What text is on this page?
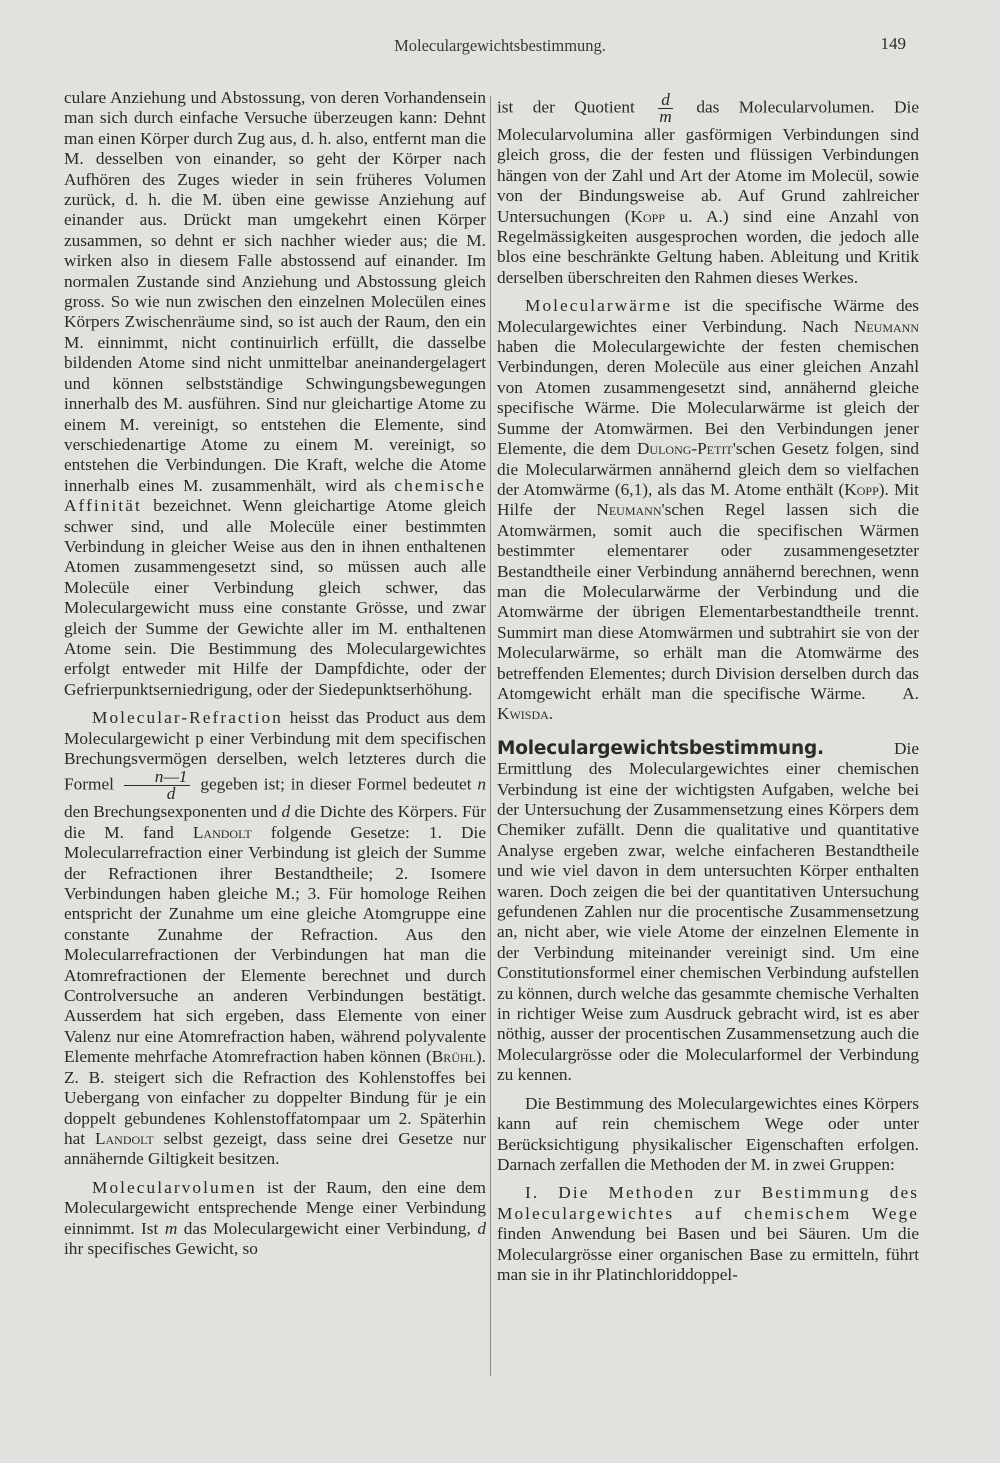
Moleculargewichtsbestimmung.	149

culare Anziehung und Abstossung, von deren Vorhandensein man sich durch einfache Versuche überzeugen kann: Dehnt man einen Körper durch Zug aus, d. h. also, entfernt man die M. desselben von einander, so geht der Körper nach Aufhören des Zuges wieder in sein früheres Volumen zurück, d. h. die M. üben eine gewisse Anziehung auf einander aus. Drückt man umgekehrt einen Körper zusammen, so dehnt er sich nachher wieder aus; die M. wirken also in diesem Falle abstossend auf einander. Im normalen Zustande sind Anziehung und Abstossung gleich gross. So wie nun zwischen den einzelnen Molecülen eines Körpers Zwischenräume sind, so ist auch der Raum, den ein M. einnimmt, nicht continuirlich erfüllt, die dasselbe bildenden Atome sind nicht unmittelbar aneinandergelagert und können selbstständige Schwingungsbewegungen innerhalb des M. ausführen. Sind nur gleichartige Atome zu einem M. vereinigt, so entstehen die Elemente, sind verschiedenartige Atome zu einem M. vereinigt, so entstehen die Verbindungen. Die Kraft, welche die Atome innerhalb eines M. zusammenhält, wird als chemische Affinität bezeichnet. Wenn gleichartige Atome gleich schwer sind, und alle Molecüle einer bestimmten Verbindung in gleicher Weise aus den in ihnen enthaltenen Atomen zusammengesetzt sind, so müssen auch alle Molecüle einer Verbindung gleich schwer, das Moleculargewicht muss eine constante Grösse, und zwar gleich der Summe der Gewichte aller im M. enthaltenen Atome sein. Die Bestimmung des Moleculargewichtes erfolgt entweder mit Hilfe der Dampfdichte, oder der Gefrierpunktserniedrigung, oder der Siedepunktserhöhung.

Molecular-Refraction heisst das Product aus dem Moleculargewicht p einer Verbindung mit dem specifischen Brechungsvermögen derselben, welch letzteres durch die Formel $\frac{n—1}{d}$ gegeben ist; in dieser Formel bedeutet n den Brechungsexponenten und d die Dichte des Körpers. Für die M. fand Landolt folgende Gesetze: 1. Die Molecularrefraction einer Verbindung ist gleich der Summe der Refractionen ihrer Bestandtheile; 2. Isomere Verbindungen haben gleiche M.; 3. Für homologe Reihen entspricht der Zunahme um eine gleiche Atomgruppe eine constante Zunahme der Refraction. Aus den Molecularrefractionen der Verbindungen hat man die Atomrefractionen der Elemente berechnet und durch Controlversuche an anderen Verbindungen bestätigt. Ausserdem hat sich ergeben, dass Elemente von einer Valenz nur eine Atomrefraction haben, während polyvalente Elemente mehrfache Atomrefraction haben können (Brühl). Z. B. steigert sich die Refraction des Kohlenstoffes bei Uebergang von einfacher zu doppelter Bindung für je ein doppelt gebundenes Kohlenstoffatompaar um 2. Späterhin hat Landolt selbst gezeigt, dass seine drei Gesetze nur annähernde Giltigkeit besitzen.

Molecularvolumen ist der Raum, den eine dem Moleculargewicht entsprechende Menge einer Verbindung einnimmt. Ist m das Moleculargewicht einer Verbindung, d ihr specifisches Gewicht, so

ist der Quotient $\frac{d}{m}$ das Molecularvolumen. Die Molecularvolumina aller gasförmigen Verbindungen sind gleich gross, die der festen und flüssigen Verbindungen hängen von der Zahl und Art der Atome im Molecül, sowie von der Bindungsweise ab. Auf Grund zahlreicher Untersuchungen (Kopp u. A.) sind eine Anzahl von Regelmässigkeiten ausgesprochen worden, die jedoch alle blos eine beschränkte Geltung haben. Ableitung und Kritik derselben überschreiten den Rahmen dieses Werkes.

Molecularwärme ist die specifische Wärme des Moleculargewichtes einer Verbindung. Nach Neumann haben die Moleculargewichte der festen chemischen Verbindungen, deren Molecüle aus einer gleichen Anzahl von Atomen zusammengesetzt sind, annähernd gleiche specifische Wärme. Die Molecularwärme ist gleich der Summe der Atomwärmen. Bei den Verbindungen jener Elemente, die dem Dulong-Petit'schen Gesetz folgen, sind die Molecularwärmen annähernd gleich dem so vielfachen der Atomwärme (6,1), als das M. Atome enthält (Kopp). Mit Hilfe der Neumann'schen Regel lassen sich die Atomwärmen, somit auch die specifischen Wärmen bestimmter elementarer oder zusammengesetzter Bestandtheile einer Verbindung annähernd berechnen, wenn man die Molecularwärme der Verbindung und die Atomwärme der übrigen Elementarbestandtheile trennt. Summirt man diese Atomwärmen und subtrahirt sie von der Molecularwärme, so erhält man die Atomwärme des betreffenden Elementes; durch Division derselben durch das Atomgewicht erhält man die specifische Wärme. A. Kwisda.

Moleculargewichtsbestimmung.	Die Ermittlung des Moleculargewichtes einer chemischen Verbindung ist eine der wichtigsten Aufgaben, welche bei der Untersuchung der Zusammensetzung eines Körpers dem Chemiker zufällt. Denn die qualitative und quantitative Analyse ergeben zwar, welche einfacheren Bestandtheile und wie viel davon in dem untersuchten Körper enthalten waren. Doch zeigen die bei der quantitativen Untersuchung gefundenen Zahlen nur die procentische Zusammensetzung an, nicht aber, wie viele Atome der einzelnen Elemente in der Verbindung miteinander vereinigt sind. Um eine Constitutionsformel einer chemischen Verbindung aufstellen zu können, durch welche das gesammte chemische Verhalten in richtiger Weise zum Ausdruck gebracht wird, ist es aber nöthig, ausser der procentischen Zusammensetzung auch die Moleculargrösse oder die Molecularformel der Verbindung zu kennen.

Die Bestimmung des Moleculargewichtes eines Körpers kann auf rein chemischem Wege oder unter Berücksichtigung physikalischer Eigenschaften erfolgen. Darnach zerfallen die Methoden der M. in zwei Gruppen:

I. Die Methoden zur Bestimmung des Moleculargewichtes auf chemischem Wege finden Anwendung bei Basen und bei Säuren. Um die Moleculargrösse einer organischen Base zu ermitteln, führt man sie in ihr Platinchloriddoppel-
